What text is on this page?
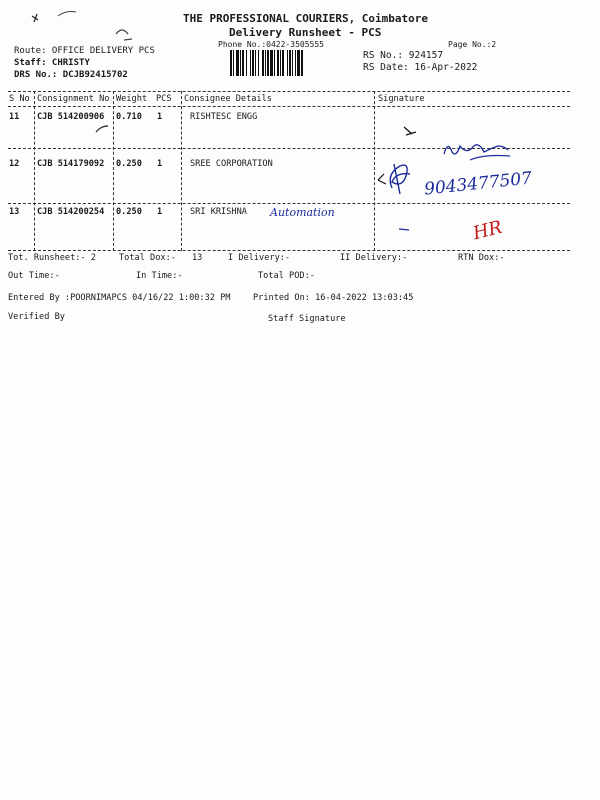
THE PROFESSIONAL COURIERS, Coimbatore
Delivery Runsheet - PCS
Phone No.:0422-3505555	Page No.:2
Route: OFFICE DELIVERY PCS
Staff: CHRISTY
DRS No.: DCJB92415702
RS No.: 924157
RS Date: 16-Apr-2022
S No Consignment No Weight PCS Consignee Details	Signature
11 CJB 514200906 0.710 1	RISHTESC ENGG
12 CJB 514179092 0.250 1	SREE CORPORATION
13 CJB 514200254 0.250 1	SRI KRISHNA
9043477507
Automation
HR
Tot. Runsheet:- 2	Total Dox:- 13	I Delivery:-	II Delivery:-	RTN Dox:-
Out Time:-	In Time:-	Total POD:-
Entered By :POORNIMAPCS 04/16/22 1:00:32 PM	Printed On: 16-04-2022 13:03:45
Verified By	Staff Signature
